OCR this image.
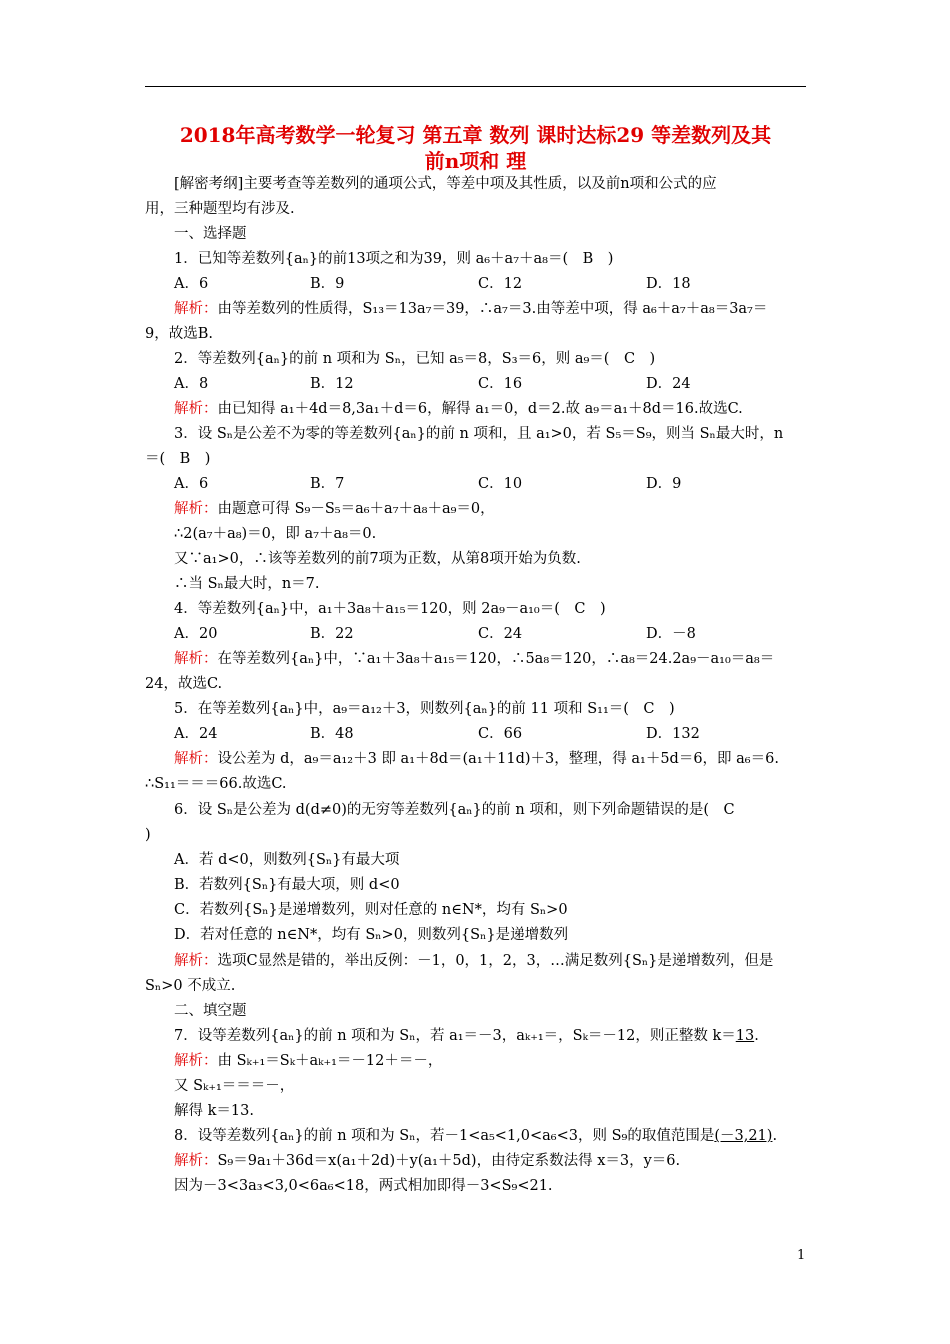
2018年高考数学一轮复习 第五章 数列 课时达标29 等差数列及其
前n项和 理
[解密考纲]主要考查等差数列的通项公式，等差中项及其性质，以及前n项和公式的应
用，三种题型均有涉及.
一、选择题
1．已知等差数列{aₙ}的前13项之和为39，则 a₆＋a₇＋a₈＝(　B　)
A．6	B．9	C．12	D．18
解析：由等差数列的性质得，S₁₃＝13a₇＝39，∴a₇＝3.由等差中项，得 a₆＋a₇＋a₈＝3a₇＝
9，故选B.
2．等差数列{aₙ}的前 n 项和为 Sₙ，已知 a₅＝8，S₃＝6，则 a₉＝(　C　)
A．8	B．12	C．16	D．24
解析：由已知得 a₁＋4d＝8,3a₁＋d＝6，解得 a₁＝0，d＝2.故 a₉＝a₁＋8d＝16.故选C.
3．设 Sₙ是公差不为零的等差数列{aₙ}的前 n 项和，且 a₁>0，若 S₅＝S₉，则当 Sₙ最大时，n
＝(　B　)
A．6	B．7	C．10	D．9
解析：由题意可得 S₉－S₅＝a₆＋a₇＋a₈＋a₉＝0，
∴2(a₇＋a₈)＝0，即 a₇＋a₈＝0.
又∵a₁>0，∴该等差数列的前7项为正数，从第8项开始为负数.
∴当 Sₙ最大时，n＝7.
4．等差数列{aₙ}中，a₁＋3a₈＋a₁₅＝120，则 2a₉－a₁₀＝(　C　)
A．20	B．22	C．24	D．－8
解析：在等差数列{aₙ}中，∵a₁＋3a₈＋a₁₅＝120，∴5a₈＝120，∴a₈＝24.2a₉－a₁₀＝a₈＝
24，故选C.
5．在等差数列{aₙ}中，a₉＝a₁₂＋3，则数列{aₙ}的前 11 项和 S₁₁＝(　C　)
A．24	B．48	C．66	D．132
解析：设公差为 d，a₉＝a₁₂＋3 即 a₁＋8d＝(a₁＋11d)＋3，整理，得 a₁＋5d＝6，即 a₆＝6.
∴S₁₁＝＝＝66.故选C.
6．设 Sₙ是公差为 d(d≠0)的无穷等差数列{aₙ}的前 n 项和，则下列命题错误的是(　C
)
A．若 d<0，则数列{Sₙ}有最大项
B．若数列{Sₙ}有最大项，则 d<0
C．若数列{Sₙ}是递增数列，则对任意的 n∈N*，均有 Sₙ>0
D．若对任意的 n∈N*，均有 Sₙ>0，则数列{Sₙ}是递增数列
解析：选项C显然是错的，举出反例：－1，0，1，2，3，…满足数列{Sₙ}是递增数列，但是
Sₙ>0 不成立.
二、填空题
7．设等差数列{aₙ}的前 n 项和为 Sₙ，若 a₁＝－3，aₖ₊₁＝，Sₖ＝－12，则正整数 k＝13.
解析：由 Sₖ₊₁＝Sₖ＋aₖ₊₁＝－12＋＝－，
又 Sₖ₊₁＝＝＝－，
解得 k＝13.
8．设等差数列{aₙ}的前 n 项和为 Sₙ，若－1<a₅<1,0<a₆<3，则 S₉的取值范围是(－3,21).
解析：S₉＝9a₁＋36d＝x(a₁＋2d)＋y(a₁＋5d)，由待定系数法得 x＝3，y＝6.
因为－3<3a₃<3,0<6a₆<18，两式相加即得－3<S₉<21.
1
